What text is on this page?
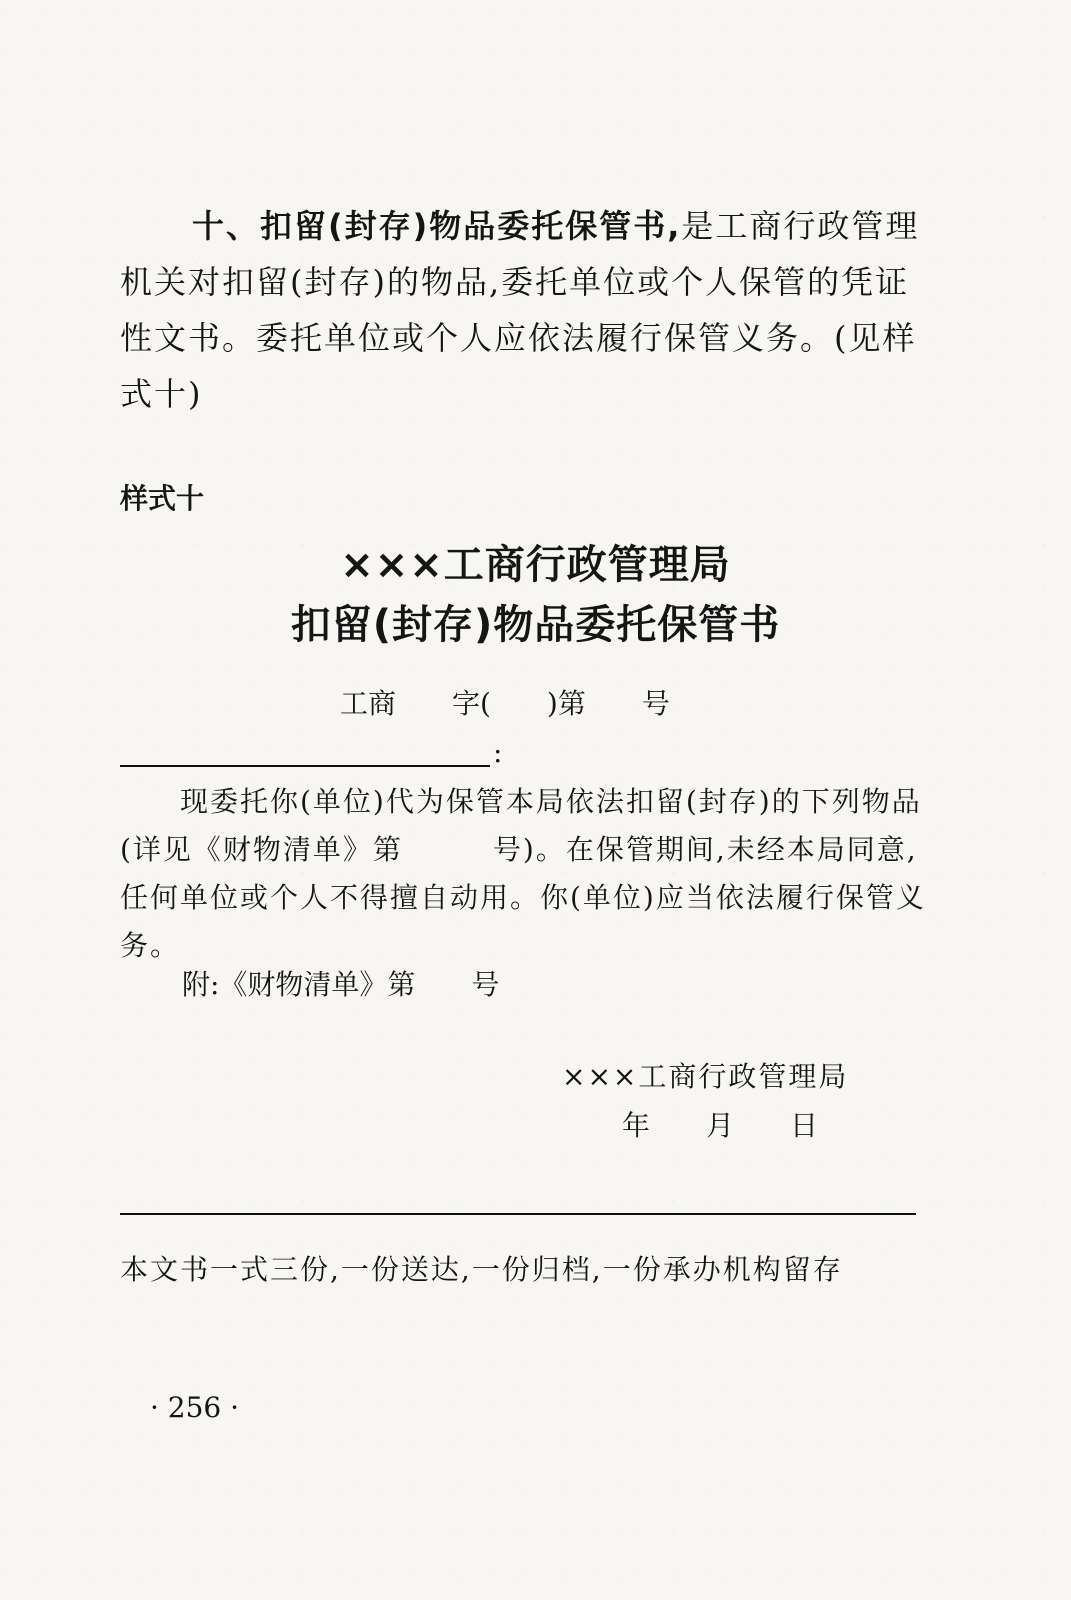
十、扣留(封存)物品委托保管书,是工商行政管理机关对扣留(封存)的物品,委托单位或个人保管的凭证性文书。委托单位或个人应依法履行保管义务。(见样式十)
样式十
×××工商行政管理局
扣留(封存)物品委托保管书
工商　　字(　　)第　　号
:
现委托你(单位)代为保管本局依法扣留(封存)的下列物品(详见《财物清单》第　　　号)。在保管期间,未经本局同意,任何单位或个人不得擅自动用。你(单位)应当依法履行保管义务。
附:《财物清单》第　　号
×××工商行政管理局
年　　月　　日
本文书一式三份,一份送达,一份归档,一份承办机构留存
· 256 ·
